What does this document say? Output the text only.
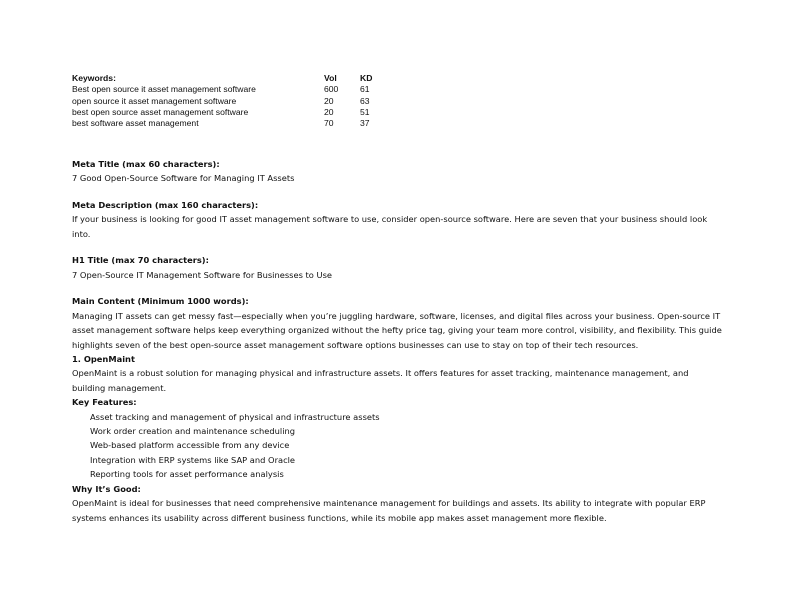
Keywords:	Vol	KD
Best open source it asset management software	600	61
open source it asset management software	20	63
best open source asset management software	20	51
best software asset management	70	37

Meta Title (max 60 characters):

7 Good Open-Source Software for Managing IT Assets

Meta Description (max 160 characters):

If your business is looking for good IT asset management software to use, consider open-source software. Here are seven that your business should look into.

H1 Title (max 70 characters):

7 Open-Source IT Management Software for Businesses to Use

Main Content (Minimum 1000 words):

Managing IT assets can get messy fast—especially when you’re juggling hardware, software, licenses, and digital files across your business. Open-source IT asset management software helps keep everything organized without the hefty price tag, giving your team more control, visibility, and flexibility. This guide highlights seven of the best open-source asset management software options businesses can use to stay on top of their tech resources.

1. OpenMaint

OpenMaint is a robust solution for managing physical and infrastructure assets. It offers features for asset tracking, maintenance management, and building management.

Key Features:

Asset tracking and management of physical and infrastructure assets
Work order creation and maintenance scheduling
Web-based platform accessible from any device
Integration with ERP systems like SAP and Oracle
Reporting tools for asset performance analysis

Why It’s Good:

OpenMaint is ideal for businesses that need comprehensive maintenance management for buildings and assets. Its ability to integrate with popular ERP systems enhances its usability across different business functions, while its mobile app makes asset management more flexible.
